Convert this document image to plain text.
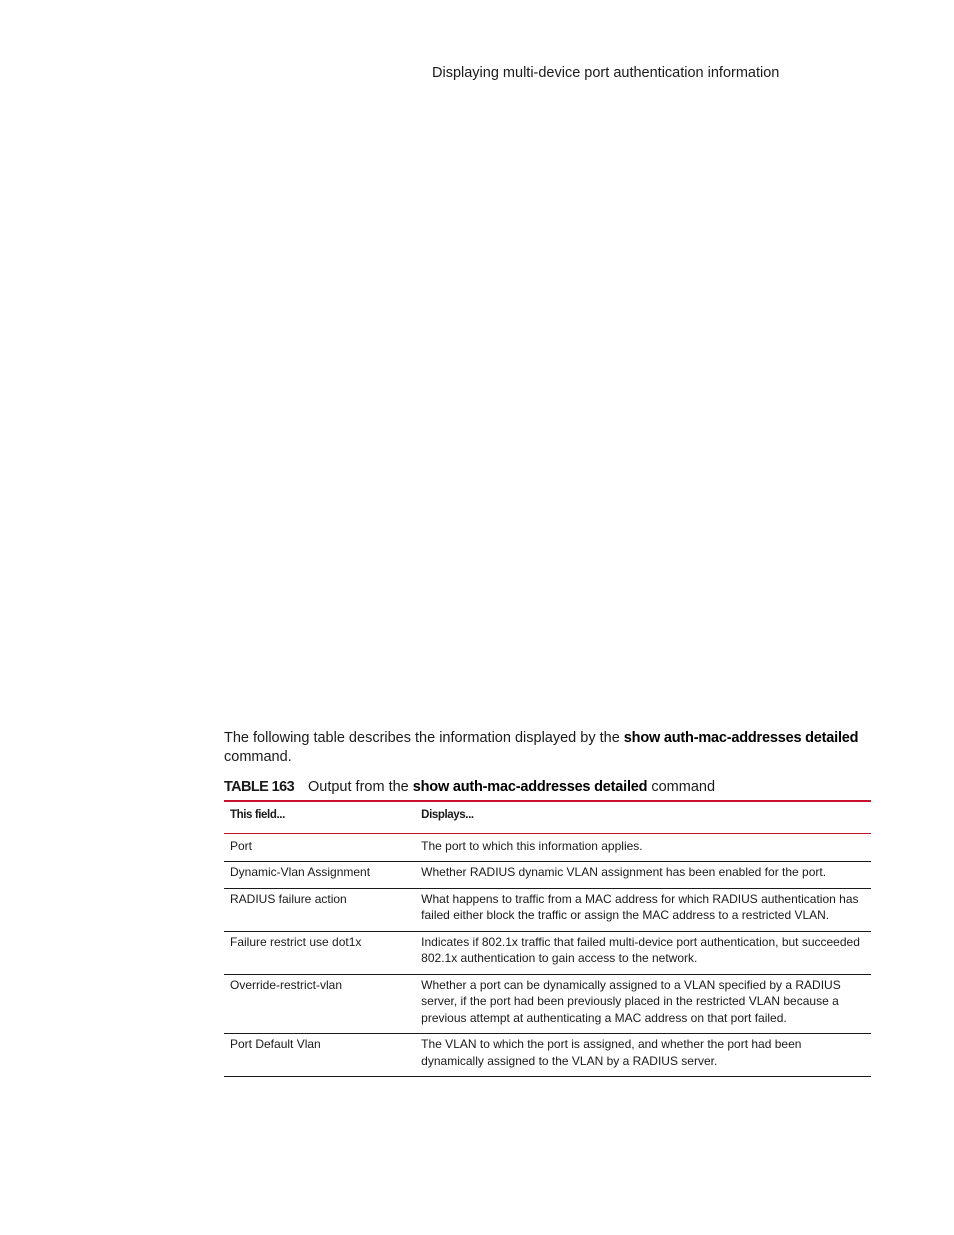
Displaying multi-device port authentication information
The following table describes the information displayed by the show auth-mac-addresses detailed
command.
TABLE 163 Output from the show auth-mac-addresses detailed command
This field...	Displays...
Port	The port to which this information applies.
Dynamic-Vlan Assignment	Whether RADIUS dynamic VLAN assignment has been enabled for the port.
RADIUS failure action	What happens to traffic from a MAC address for which RADIUS authentication has failed either block the traffic or assign the MAC address to a restricted VLAN.
Failure restrict use dot1x	Indicates if 802.1x traffic that failed multi-device port authentication, but succeeded 802.1x authentication to gain access to the network.
Override-restrict-vlan	Whether a port can be dynamically assigned to a VLAN specified by a RADIUS server, if the port had been previously placed in the restricted VLAN because a previous attempt at authenticating a MAC address on that port failed.
Port Default Vlan	The VLAN to which the port is assigned, and whether the port had been dynamically assigned to the VLAN by a RADIUS server.
